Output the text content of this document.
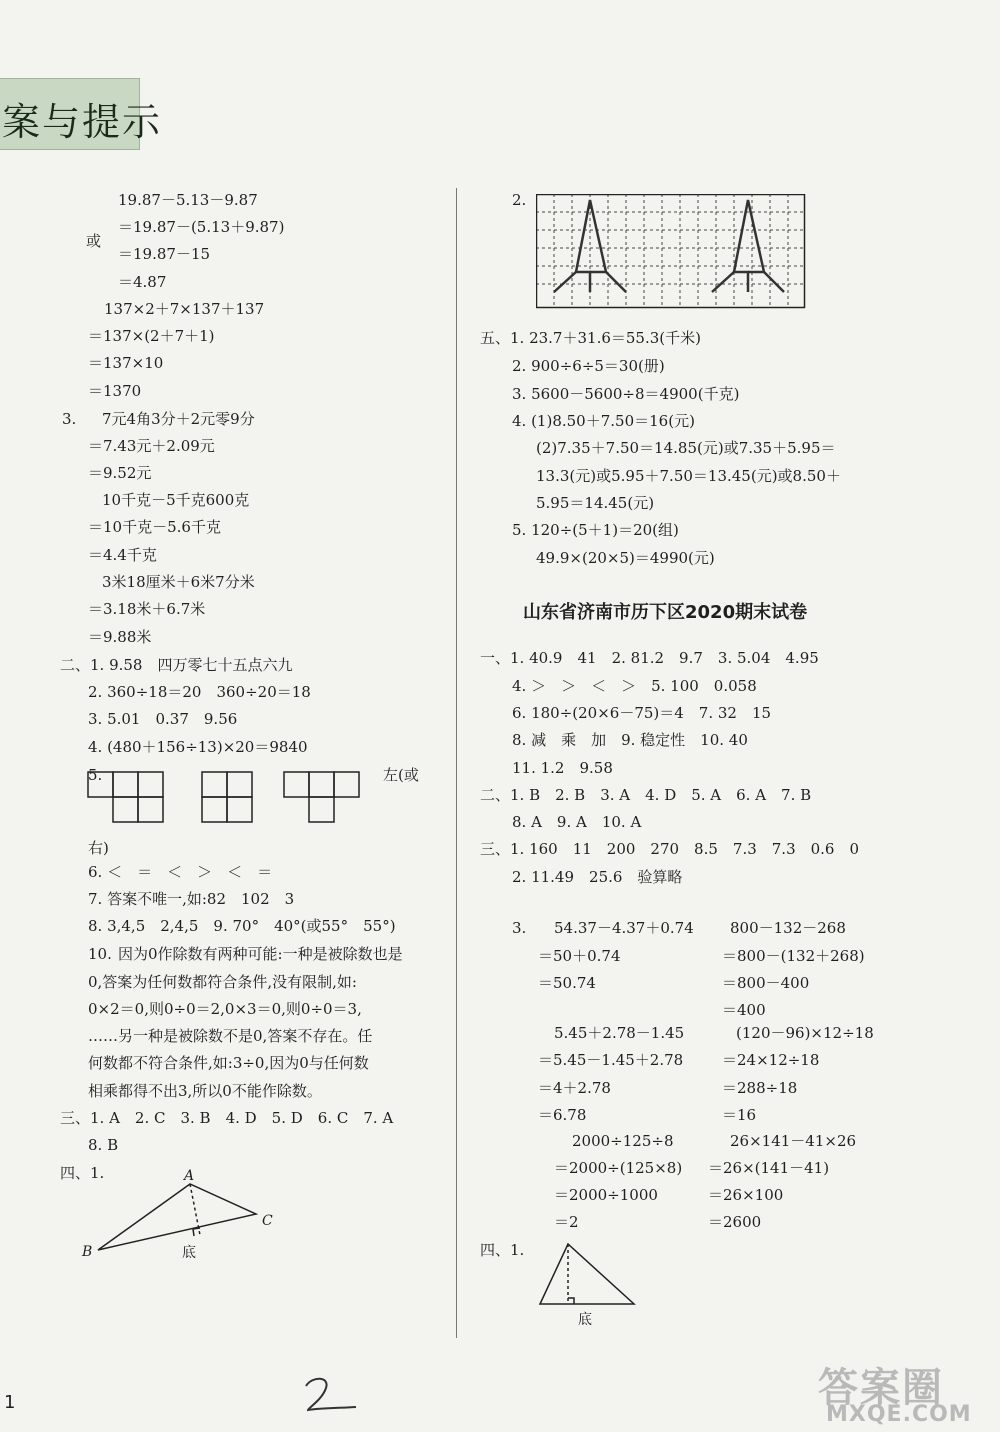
案与提示
19.87－5.13－9.87
＝19.87－(5.13＋9.87)
或
＝19.87－15
＝4.87
137×2＋7×137＋137
＝137×(2＋7＋1)
＝137×10
＝1370
3. 7元4角3分＋2元零9分
＝7.43元＋2.09元
＝9.52元
10千克－5千克600克
＝10千克－5.6千克
＝4.4千克
3米18厘米＋6米7分米
＝3.18米＋6.7米
＝9.88米
二、1. 9.58　四万零七十五点六九
2. 360÷18＝20　360÷20＝18
3. 5.01　0.37　9.56
4. (480＋156÷13)×20＝9840
5.	左(或
右)
6. ＜　＝　＜　＞　＜　＝
7. 答案不唯一,如:82　102　3
8. 3,4,5　2,4,5　9. 70°　40°(或55°　55°)
10. 因为0作除数有两种可能:一种是被除数也是
0,答案为任何数都符合条件,没有限制,如:
0×2＝0,则0÷0＝2,0×3＝0,则0÷0＝3,
……另一种是被除数不是0,答案不存在。任
何数都不符合条件,如:3÷0,因为0与任何数
相乘都得不出3,所以0不能作除数。
三、1. A　2. C　3. B　4. D　5. D　6. C　7. A
8. B
四、1.	A
B
C
底
2.
五、1. 23.7＋31.6＝55.3(千米)
2. 900÷6÷5＝30(册)
3. 5600－5600÷8＝4900(千克)
4. (1)8.50＋7.50＝16(元)
(2)7.35＋7.50＝14.85(元)或7.35＋5.95＝
13.3(元)或5.95＋7.50＝13.45(元)或8.50＋
5.95＝14.45(元)
5. 120÷(5＋1)＝20(组)
49.9×(20×5)＝4990(元)
山东省济南市历下区2020期末试卷
一、1. 40.9　41　2. 81.2　9.7　3. 5.04　4.95
4. ＞　＞　＜　＞　5. 100　0.058
6. 180÷(20×6－75)＝4　7. 32　15
8. 减　乘　加　9. 稳定性　10. 40
11. 1.2　9.58
二、1. B　2. B　3. A　4. D　5. A　6. A　7. B
8. A　9. A　10. A
三、1. 160　11　200　270　8.5　7.3　7.3　0.6　0
2. 11.49　25.6　验算略
3. 54.37－4.37＋0.74
＝50＋0.74
＝50.74
5.45＋2.78－1.45
＝5.45－1.45＋2.78
＝4＋2.78
＝6.78
2000÷125÷8
＝2000÷(125×8)
＝2000÷1000
＝2
800－132－268
＝800－(132＋268)
＝800－400
＝400
(120－96)×12÷18
＝24×12÷18
＝288÷18
＝16
26×141－41×26
＝26×(141－41)
＝26×100
＝2600
四、1.
底
1	答案圈
MXQE.COM
